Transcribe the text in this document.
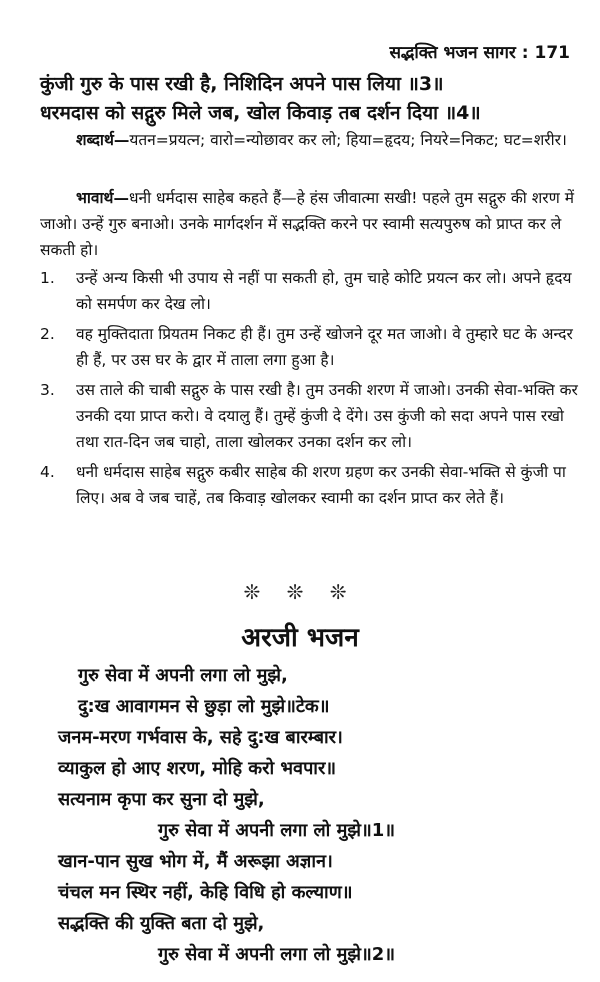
सद्भक्ति भजन सागर : 171
कुंजी गुरु के पास रखी है, निशिदिन अपने पास लिया ॥3॥
धरमदास को सद्गुरु मिले जब, खोल किवाड़ तब दर्शन दिया ॥4॥
शब्दार्थ—यतन=प्रयत्न; वारो=न्योछावर कर लो; हिया=हृदय; नियरे=निकट; घट=शरीर।
भावार्थ—धनी धर्मदास साहेब कहते हैं—हे हंस जीवात्मा सखी! पहले तुम सद्गुरु की शरण में जाओ। उन्हें गुरु बनाओ। उनके मार्गदर्शन में सद्भक्ति करने पर स्वामी सत्यपुरुष को प्राप्त कर ले सकती हो।
1. उन्हें अन्य किसी भी उपाय से नहीं पा सकती हो, तुम चाहे कोटि प्रयत्न कर लो। अपने हृदय को समर्पण कर देख लो।
2. वह मुक्तिदाता प्रियतम निकट ही हैं। तुम उन्हें खोजने दूर मत जाओ। वे तुम्हारे घट के अन्दर ही हैं, पर उस घर के द्वार में ताला लगा हुआ है।
3. उस ताले की चाबी सद्गुरु के पास रखी है। तुम उनकी शरण में जाओ। उनकी सेवा-भक्ति कर उनकी दया प्राप्त करो। वे दयालु हैं। तुम्हें कुंजी दे देंगे। उस कुंजी को सदा अपने पास रखो तथा रात-दिन जब चाहो, ताला खोलकर उनका दर्शन कर लो।
4. धनी धर्मदास साहेब सद्गुरु कबीर साहेब की शरण ग्रहण कर उनकी सेवा-भक्ति से कुंजी पा लिए। अब वे जब चाहें, तब किवाड़ खोलकर स्वामी का दर्शन प्राप्त कर लेते हैं।
❊ ❊ ❊
अरजी भजन
गुरु सेवा में अपनी लगा लो मुझे,
दु:ख आवागमन से छुड़ा लो मुझे॥टेक॥
जनम-मरण गर्भवास के, सहे दु:ख बारम्बार।
व्याकुल हो आए शरण, मोहि करो भवपार॥
सत्यनाम कृपा कर सुना दो मुझे,
गुरु सेवा में अपनी लगा लो मुझे॥1॥
खान-पान सुख भोग में, मैं अरूझा अज्ञान।
चंचल मन स्थिर नहीं, केहि विधि हो कल्याण॥
सद्भक्ति की युक्ति बता दो मुझे,
गुरु सेवा में अपनी लगा लो मुझे॥2॥
